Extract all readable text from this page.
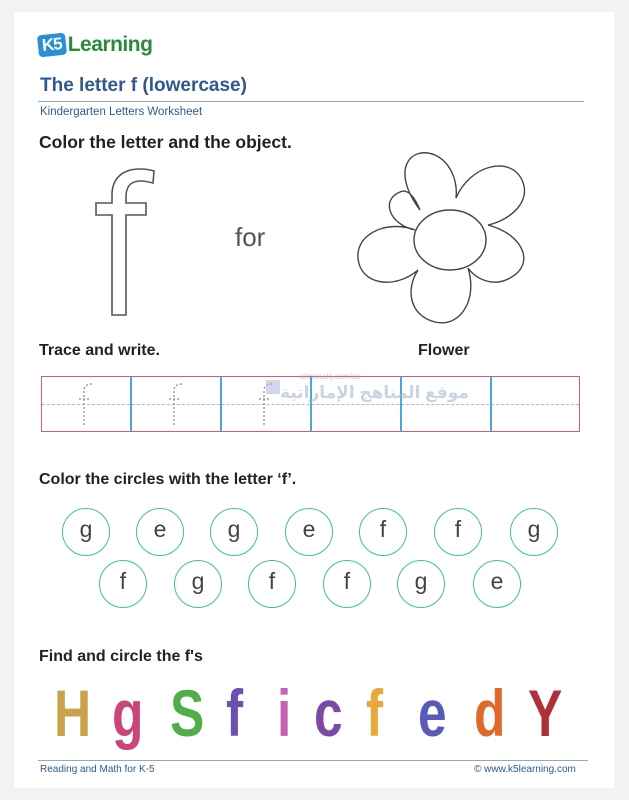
K5 Learning
The letter f (lowercase)
Kindergarten Letters Worksheet
Color the letter and the object.
for
Trace and write.	Flower
almanahj.com/ae
موقع المناهج الإماراتية
Color the circles with the letter ‘f’.
g	e	g	e	f	f	g
f	g	f	f	g	e
Find and circle the f's
H g S f i c f e d Y
Reading and Math for K-5	© www.k5learning.com
